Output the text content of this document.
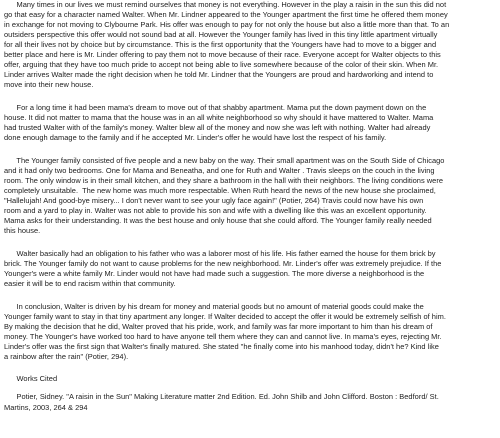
Many times in our lives we must remind ourselves that money is not everything. However in the play a raisin in the sun this did not
go that easy for a character named Walter. When Mr. Lindner appeared to the Younger apartment the first time he offered them money
in exchange for not moving to Clybourne Park. His offer was enough to pay for not only the house but also a little more than that. To an
outsiders perspective this offer would not sound bad at all. However the Younger family has lived in this tiny little apartment virtually
for all their lives not by choice but by circumstance. This is the first opportunity that the Youngers have had to move to a bigger and
better place and here is Mr. Linder offering to pay them not to move because of their race. Everyone accept for Walter objects to this
offer, arguing that they have too much pride to accept not being able to live somewhere because of the color of their skin. When Mr.
Linder arrives Walter made the right decision when he told Mr. Lindner that the Youngers are proud and hardworking and intend to
move into their new house.
For a long time it had been mama's dream to move out of that shabby apartment. Mama put the down payment down on the
house. It did not matter to mama that the house was in an all white neighborhood so why should it have mattered to Walter. Mama
had trusted Walter with of the family's money. Walter blew all of the money and now she was left with nothing. Walter had already
done enough damage to the family and if he accepted Mr. Linder's offer he would have lost the respect of his family.
The Younger family consisted of five people and a new baby on the way. Their small apartment was on the South Side of Chicago
and it had only two bedrooms. One for Mama and Beneatha, and one for Ruth and Walter . Travis sleeps on the couch in the living
room. The only window is in their small kitchen, and they share a bathroom in the hall with their neighbors. The living conditions were
completely unsuitable.  The new home was much more respectable. When Ruth heard the news of the new house she proclaimed,
"Hallelujah! And good-bye misery... I don't never want to see your ugly face again!" (Potier, 264) Travis could now have his own
room and a yard to play in. Walter was not able to provide his son and wife with a dwelling like this was an excellent opportunity.
Mama asks for their understanding. It was the best house and only house that she could afford. The Younger family really needed
this house.
Walter basically had an obligation to his father who was a laborer most of his life. His father earned the house for them brick by
brick. The Younger family do not want to cause problems for the new neighborhood. Mr. Linder's offer was extremely prejudice. If the
Younger's were a white family Mr. Linder would not have had made such a suggestion. The more diverse a neighborhood is the
easier it will be to end racism within that community.
In conclusion, Walter is driven by his dream for money and material goods but no amount of material goods could make the
Younger family want to stay in that tiny apartment any longer. If Walter decided to accept the offer it would be extremely selfish of him.
By making the decision that he did, Walter proved that his pride, work, and family was far more important to him than his dream of
money. The Younger's have worked too hard to have anyone tell them where they can and cannot live. In mama's eyes, rejecting Mr.
Linder's offer was the first sign that Walter's finally matured. She stated "he finally come into his manhood today, didn't he? Kind like
a rainbow after the rain" (Potier, 294).
Works Cited
Potier, Sidney. "A raisin in the Sun" Making Literature matter 2nd Edition. Ed. John Shilb and John Clifford. Boston : Bedford/ St.
Martins, 2003, 264 & 294
